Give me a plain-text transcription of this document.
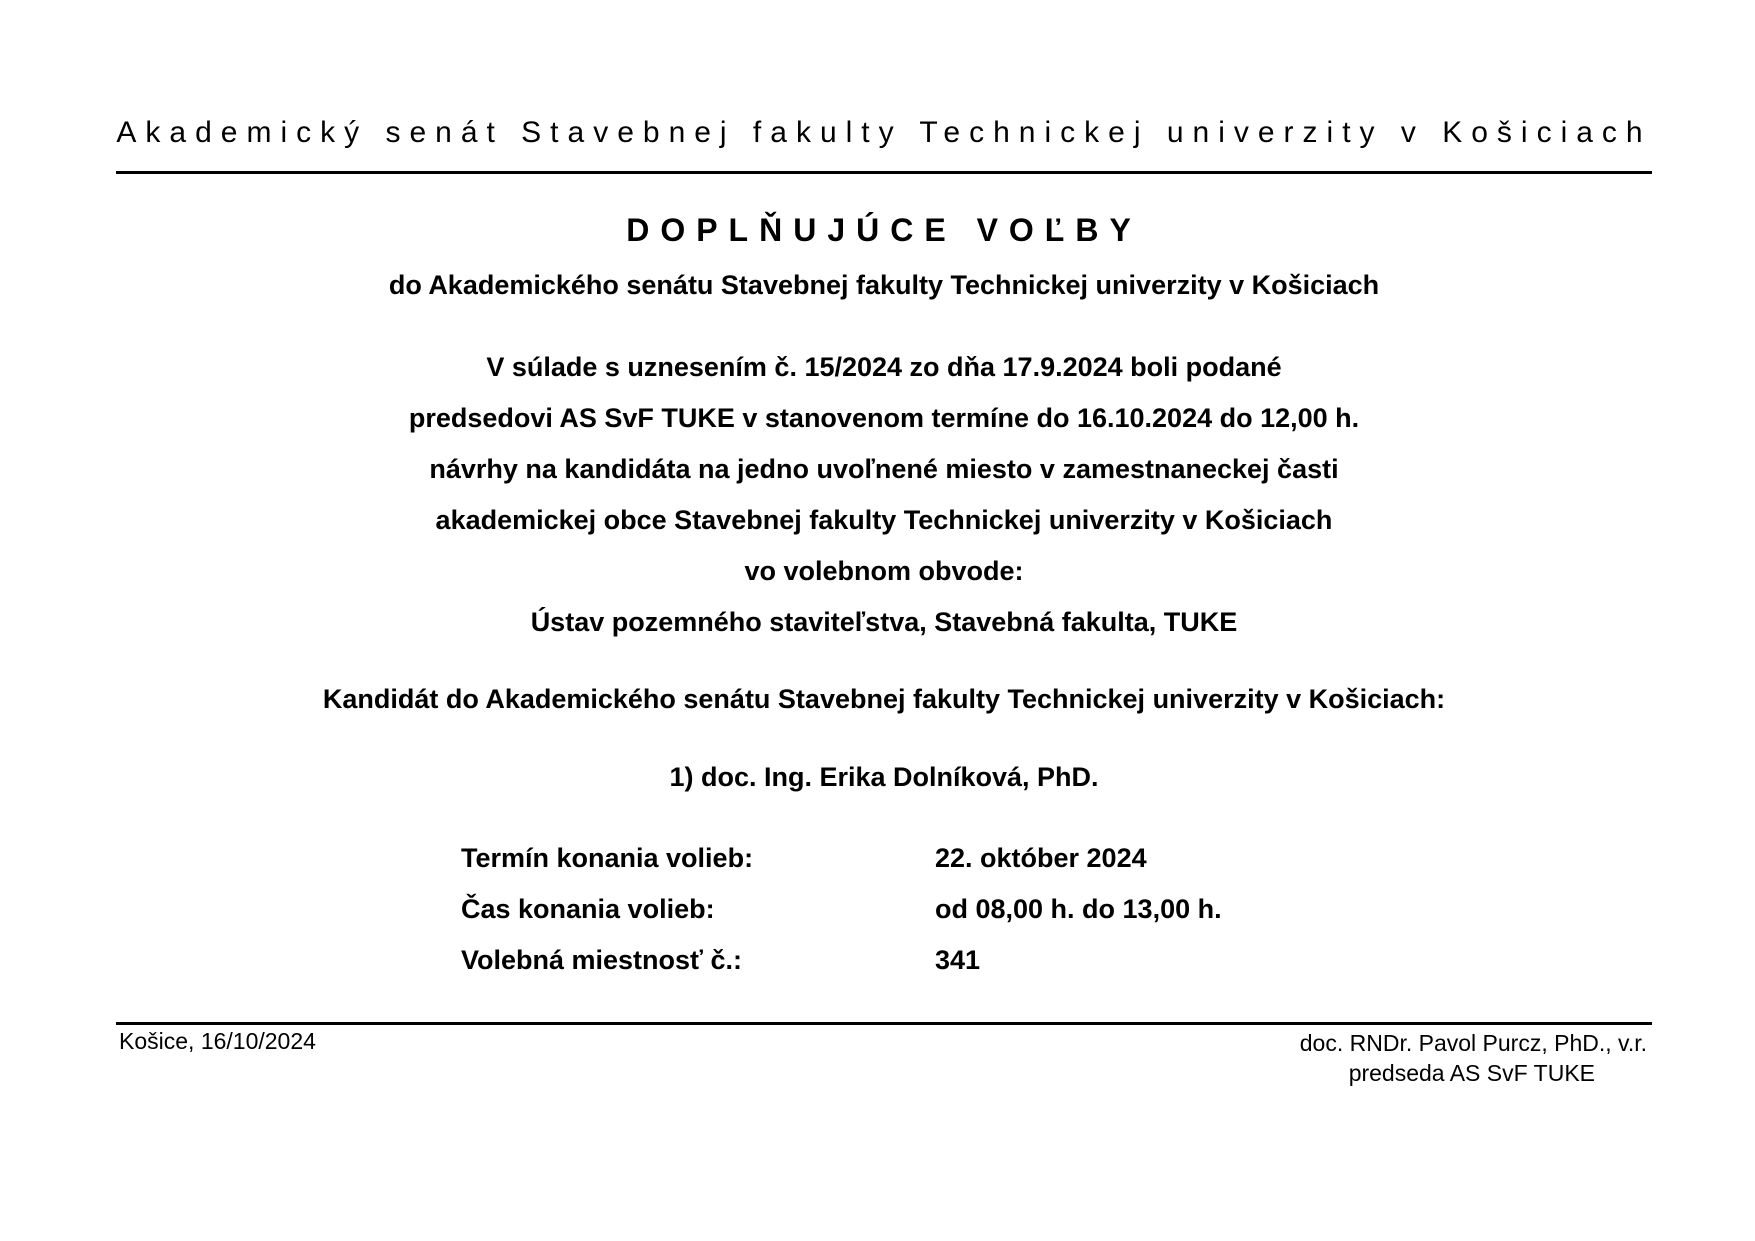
Akademický senát Stavebnej fakulty Technickej univerzity v Košiciach
DOPLŇUJÚCE VOĽBY
do Akademického senátu Stavebnej fakulty Technickej univerzity v Košiciach
V súlade s uznesením č. 15/2024 zo dňa 17.9.2024 boli podané
predsedovi AS SvF TUKE v stanovenom termíne do 16.10.2024 do 12,00 h.
návrhy na kandidáta na jedno uvoľnené miesto v zamestnaneckej časti
akademickej obce Stavebnej fakulty Technickej univerzity v Košiciach
vo volebnom obvode:
Ústav pozemného staviteľstva, Stavebná fakulta, TUKE
Kandidát do Akademického senátu Stavebnej fakulty Technickej univerzity v Košiciach:
1) doc. Ing. Erika Dolníková, PhD.
Termín konania volieb:	22. október 2024
Čas konania volieb:	od 08,00 h. do 13,00 h.
Volebná miestnosť č.:	341
Košice, 16/10/2024	doc. RNDr. Pavol Purcz, PhD., v.r.
predseda AS SvF TUKE
